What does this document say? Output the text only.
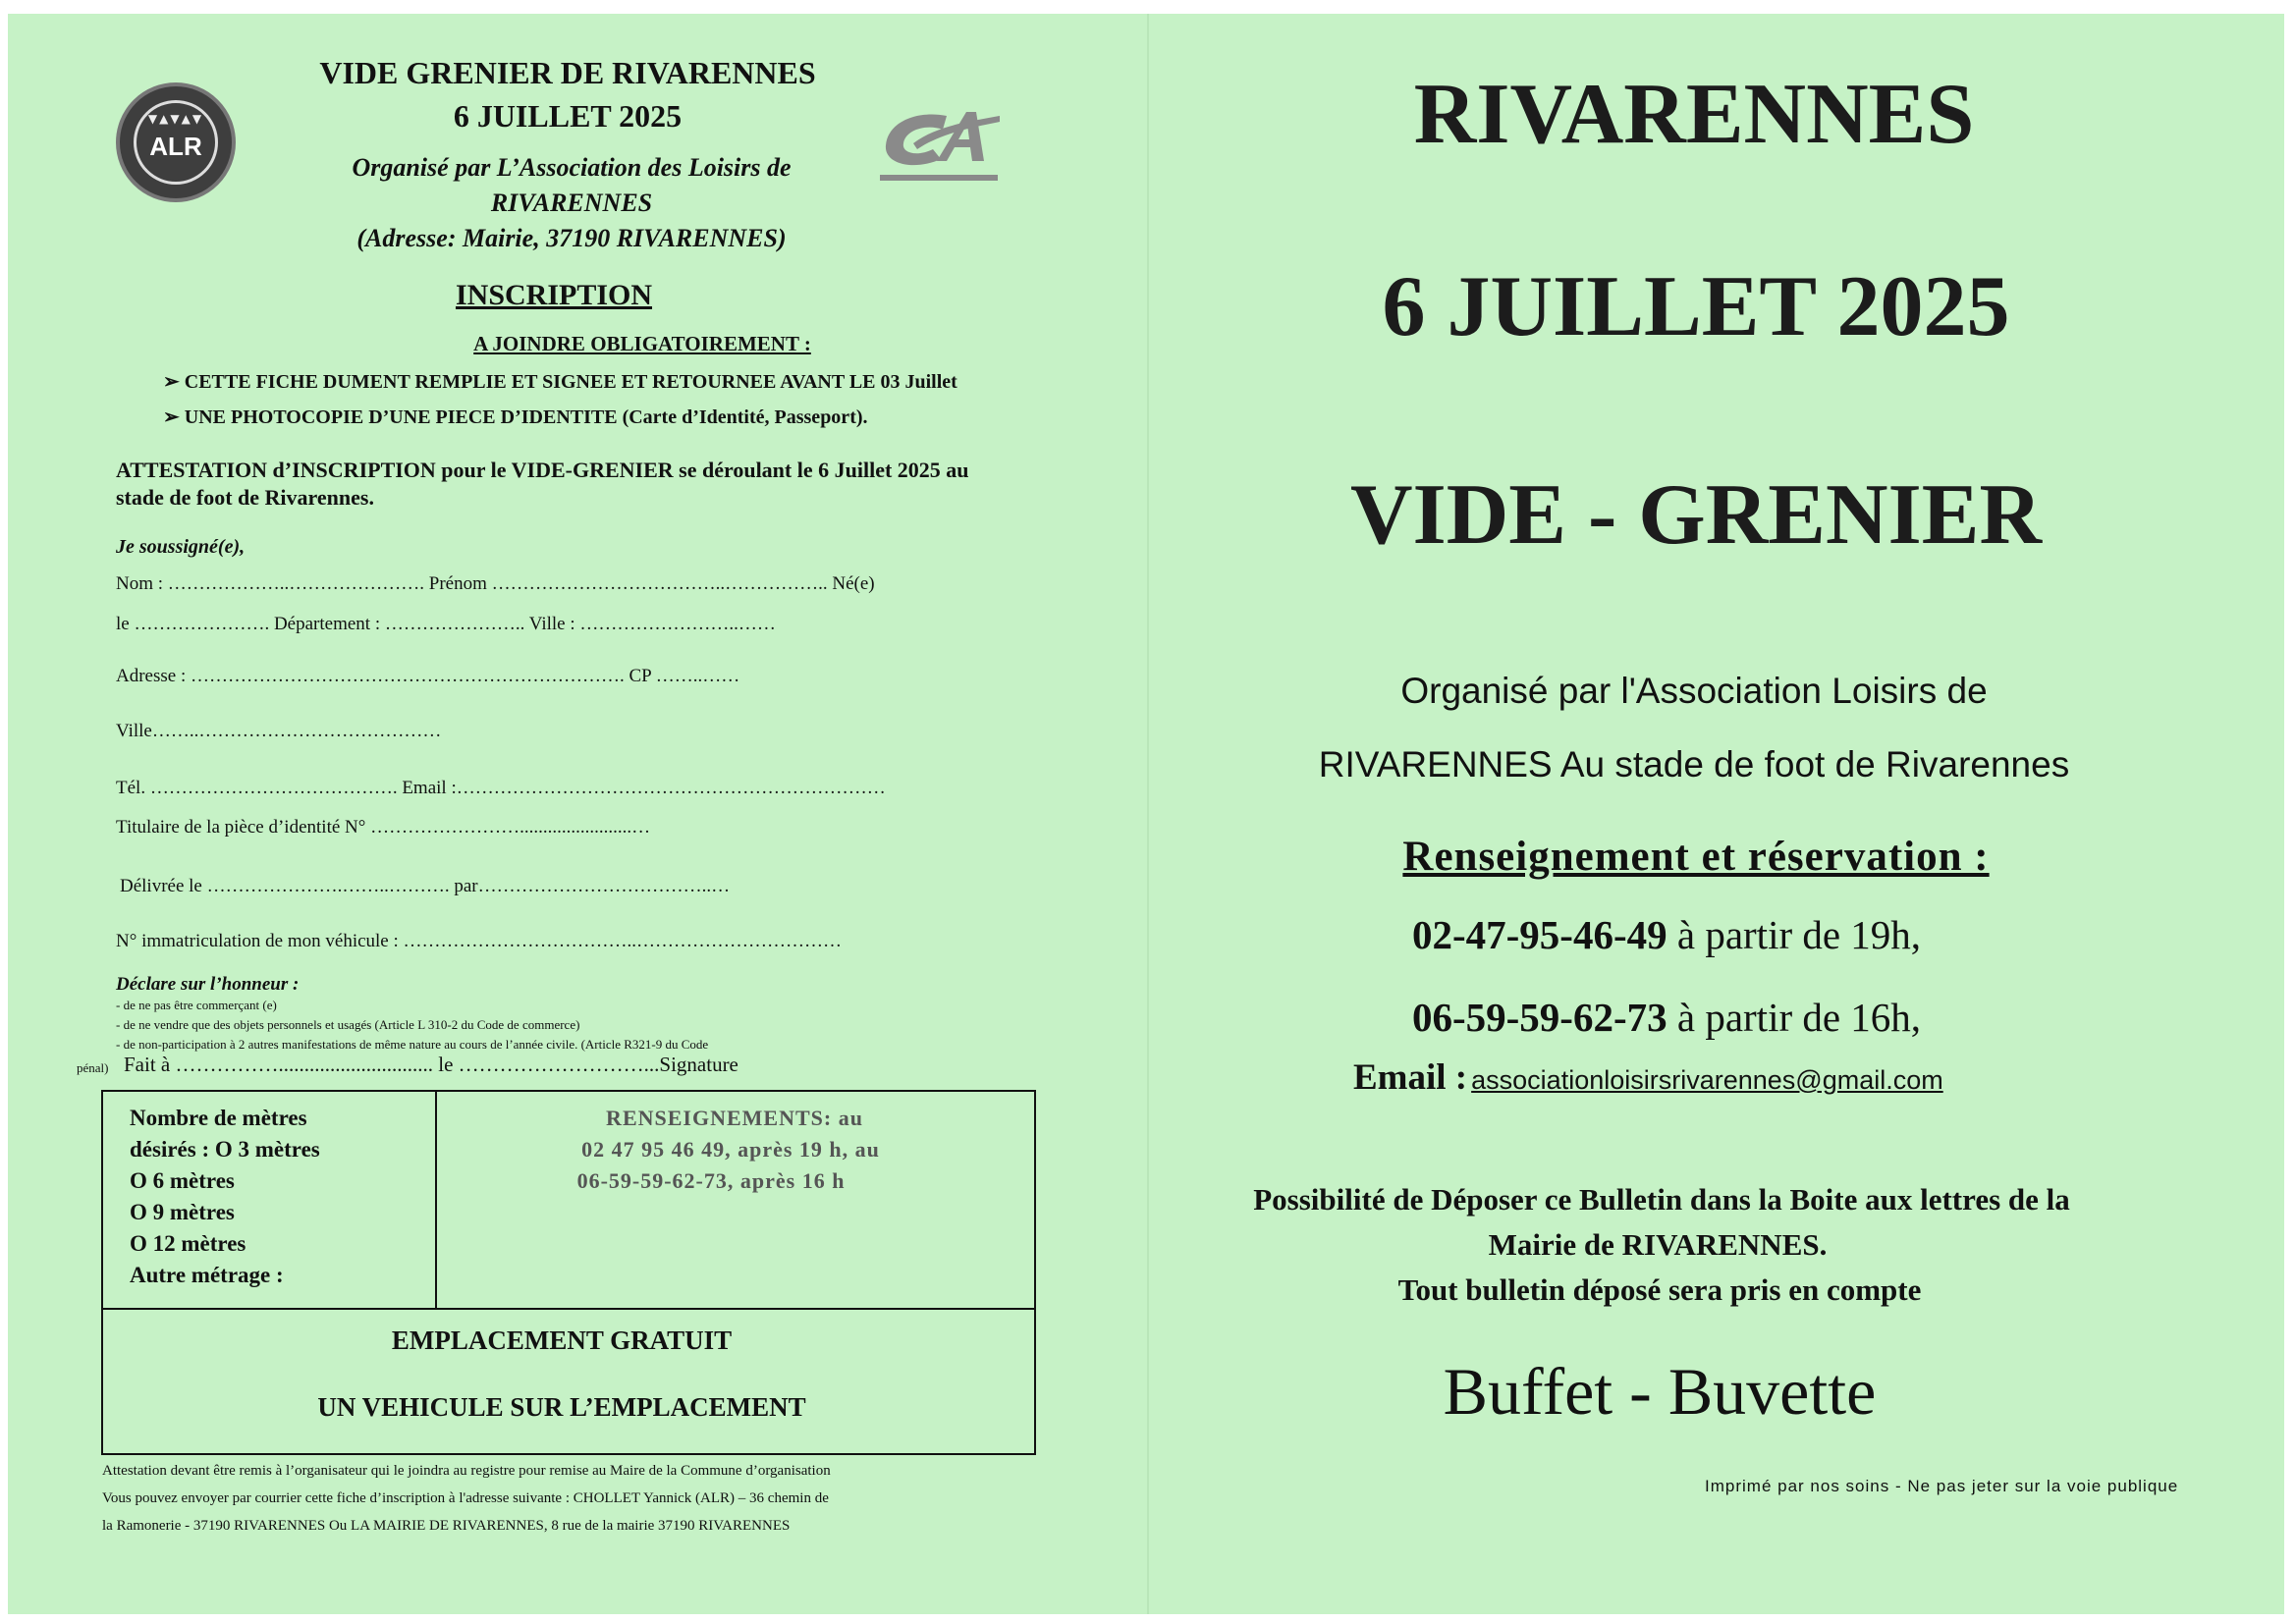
▼▲▼▲▼
ALR
VIDE GRENIER DE RIVARENNES
6 JUILLET 2025
Organisé par L’Association des Loisirs de
RIVARENNES
(Adresse: Mairie, 37190 RIVARENNES)
INSCRIPTION
A JOINDRE OBLIGATOIREMENT :
➢ CETTE FICHE DUMENT REMPLIE ET SIGNEE ET RETOURNEE AVANT LE 03 Juillet
➢ UNE PHOTOCOPIE D’UNE PIECE D’IDENTITE (Carte d’Identité, Passeport).
ATTESTATION d’INSCRIPTION pour le VIDE-GRENIER se déroulant le 6 Juillet 2025 au
stade de foot de Rivarennes.
Je soussigné(e),
Nom : ………………..…………………. Prénom ………………………………..…………….. Né(e)
le …………………. Département : ………………….. Ville : ……………………..……
Adresse : ……………………………………………………………. CP ……..……
Ville……..…………………………………
Tél. …………………………………. Email :……………………………………………………………
Titulaire de la pièce d’identité N° ……………………........................…
Délivrée le ………………….……..………. par………………………………..…
N° immatriculation de mon véhicule : ………………………………..……………………………
Déclare sur l’honneur :
- de ne pas être commerçant (e)
- de ne vendre que des objets personnels et usagés (Article L 310-2 du Code de commerce)
- de non-participation à 2 autres manifestations de même nature au cours de l’année civile. (Article R321-9 du Code
pénal) Fait à …………….............................. le ………………………...Signature
Nombre de mètres
désirés : O 3 mètres
O 6 mètres
O 9 mètres
O 12 mètres
Autre métrage :
RENSEIGNEMENTS: au
02 47 95 46 49, après 19 h, au
06-59-59-62-73, après 16 h
EMPLACEMENT GRATUIT
UN VEHICULE SUR L’EMPLACEMENT
Attestation devant être remis à l’organisateur qui le joindra au registre pour remise au Maire de la Commune d’organisation
Vous pouvez envoyer par courrier cette fiche d’inscription à l'adresse suivante : CHOLLET Yannick (ALR) – 36 chemin de
la Ramonerie - 37190 RIVARENNES Ou LA MAIRIE DE RIVARENNES, 8 rue de la mairie 37190 RIVARENNES
RIVARENNES
6 JUILLET 2025
VIDE - GRENIER
Organisé par l'Association Loisirs de
RIVARENNES Au stade de foot de Rivarennes
Renseignement et réservation :
02-47-95-46-49 à partir de 19h,
06-59-59-62-73 à partir de 16h,
Email : associationloisirsrivarennes@gmail.com
Possibilité de Déposer ce Bulletin dans la Boite aux lettres de la
Mairie de RIVARENNES.
Tout bulletin déposé sera pris en compte
Buffet - Buvette
Imprimé par nos soins - Ne pas jeter sur la voie publique
